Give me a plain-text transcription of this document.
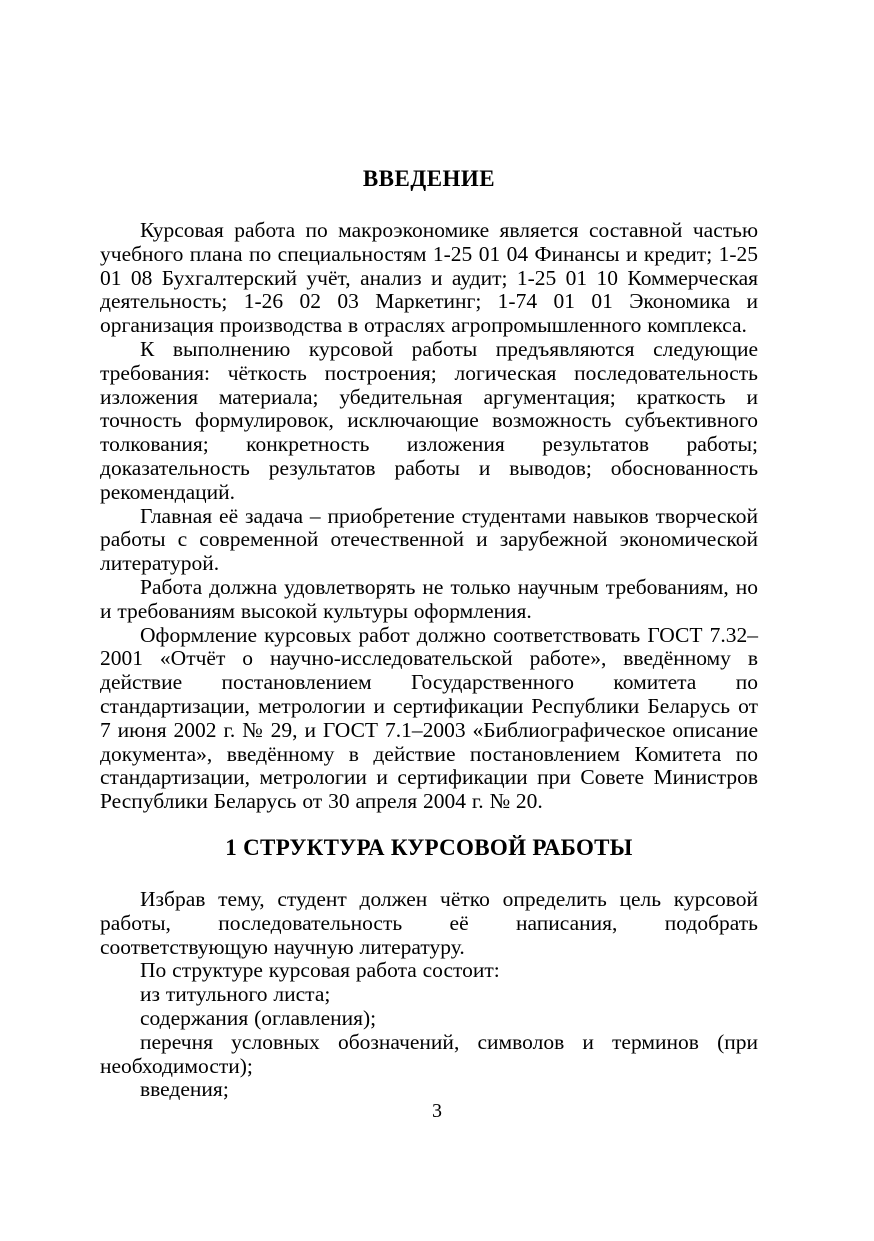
ВВЕДЕНИЕ

Курсовая работа по макроэкономике является составной частью учебного плана по специальностям 1-25 01 04 Финансы и кредит; 1-25 01 08 Бухгалтерский учёт, анализ и аудит; 1-25 01 10 Коммерческая деятельность; 1-26 02 03 Маркетинг; 1-74 01 01 Экономика и организация производства в отраслях агропромышленного комплекса.

К выполнению курсовой работы предъявляются следующие требования: чёткость построения; логическая последовательность изложения материала; убедительная аргументация; краткость и точность формулировок, исключающие возможность субъективного толкования; конкретность изложения результатов работы; доказательность результатов работы и выводов; обоснованность рекомендаций.

Главная её задача – приобретение студентами навыков творческой работы с современной отечественной и зарубежной экономической литературой.

Работа должна удовлетворять не только научным требованиям, но и требованиям высокой культуры оформления.

Оформление курсовых работ должно соответствовать ГОСТ 7.32–2001 «Отчёт о научно-исследовательской работе», введённому в действие постановлением Государственного комитета по стандартизации, метрологии и сертификации Республики Беларусь от 7 июня 2002 г. № 29, и ГОСТ 7.1–2003 «Библиографическое описание документа», введённому в действие постановлением Комитета по стандартизации, метрологии и сертификации при Совете Министров Республики Беларусь от 30 апреля 2004 г. № 20.

1 СТРУКТУРА КУРСОВОЙ РАБОТЫ

Избрав тему, студент должен чётко определить цель курсовой работы, последовательность её написания, подобрать соответствующую научную литературу.

По структуре курсовая работа состоит:

из титульного листа;

содержания (оглавления);

перечня условных обозначений, символов и терминов (при необходимости);

введения;

3
